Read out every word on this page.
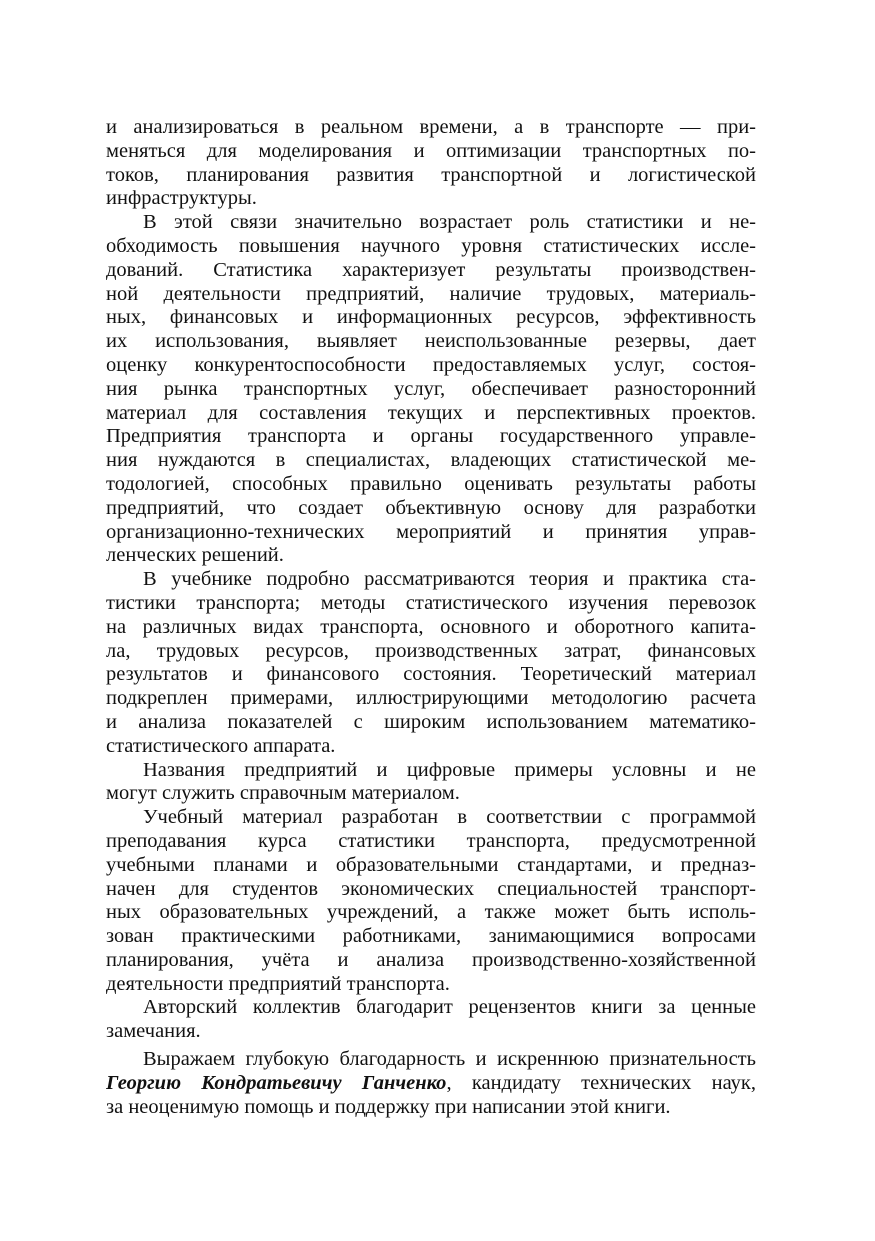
и анализироваться в реальном времени, а в транспорте — при-
меняться для моделирования и оптимизации транспортных по-
токов, планирования развития транспортной и логистической
инфраструктуры.
В этой связи значительно возрастает роль статистики и не-
обходимость повышения научного уровня статистических иссле-
дований. Статистика характеризует результаты производствен-
ной деятельности предприятий, наличие трудовых, материаль-
ных, финансовых и информационных ресурсов, эффективность
их использования, выявляет неиспользованные резервы, дает
оценку конкурентоспособности предоставляемых услуг, состоя-
ния рынка транспортных услуг, обеспечивает разносторонний
материал для составления текущих и перспективных проектов.
Предприятия транспорта и органы государственного управле-
ния нуждаются в специалистах, владеющих статистической ме-
тодологией, способных правильно оценивать результаты работы
предприятий, что создает объективную основу для разработки
организационно-технических мероприятий и принятия управ-
ленческих решений.
В учебнике подробно рассматриваются теория и практика ста-
тистики транспорта; методы статистического изучения перевозок
на различных видах транспорта, основного и оборотного капита-
ла, трудовых ресурсов, производственных затрат, финансовых
результатов и финансового состояния. Теоретический материал
подкреплен примерами, иллюстрирующими методологию расчета
и анализа показателей с широким использованием математико-
статистического аппарата.
Названия предприятий и цифровые примеры условны и не
могут служить справочным материалом.
Учебный материал разработан в соответствии с программой
преподавания курса статистики транспорта, предусмотренной
учебными планами и образовательными стандартами, и предназ-
начен для студентов экономических специальностей транспорт-
ных образовательных учреждений, а также может быть исполь-
зован практическими работниками, занимающимися вопросами
планирования, учёта и анализа производственно-хозяйственной
деятельности предприятий транспорта.
Авторский коллектив благодарит рецензентов книги за ценные
замечания.
Выражаем глубокую благодарность и искреннюю признательность
Георгию Кондратьевичу Ганченко, кандидату технических наук,
за неоценимую помощь и поддержку при написании этой книги.
